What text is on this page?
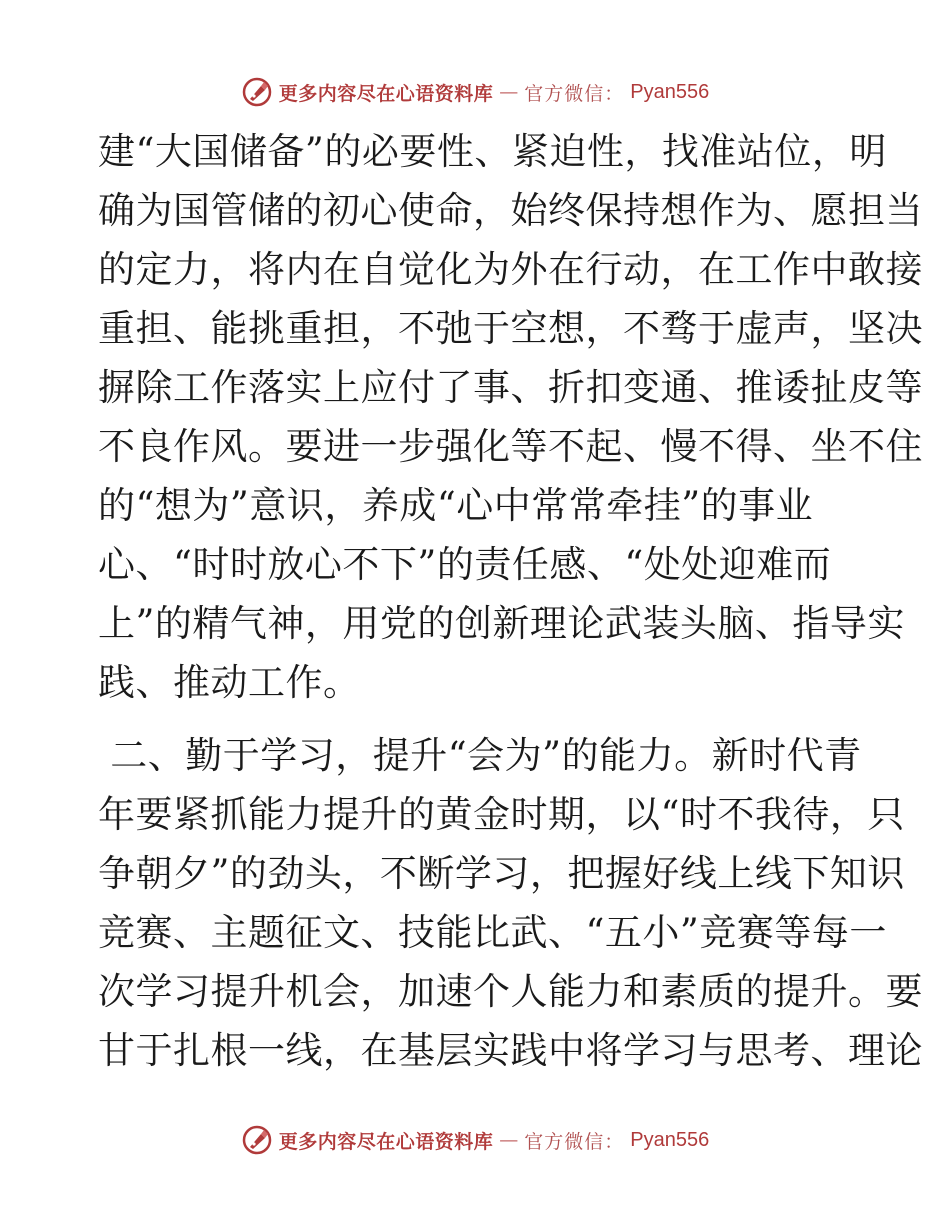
更多内容尽在心语资料库 — 官方微信： Pyan556
建“大国储备”的必要性、紧迫性，找准站位，明
确为国管储的初心使命，始终保持想作为、愿担当
的定力，将内在自觉化为外在行动，在工作中敢接
重担、能挑重担，不弛于空想，不骛于虚声，坚决
摒除工作落实上应付了事、折扣变通、推诿扯皮等
不良作风。要进一步强化等不起、慢不得、坐不住
的“想为”意识，养成“心中常常牵挂”的事业
心、“时时放心不下”的责任感、“处处迎难而
上”的精气神，用党的创新理论武装头脑、指导实
践、推动工作。
二、勤于学习，提升“会为”的能力。新时代青
年要紧抓能力提升的黄金时期，以“时不我待，只
争朝夕”的劲头，不断学习，把握好线上线下知识
竞赛、主题征文、技能比武、“五小”竞赛等每一
次学习提升机会，加速个人能力和素质的提升。要
甘于扎根一线，在基层实践中将学习与思考、理论
更多内容尽在心语资料库 — 官方微信： Pyan556
